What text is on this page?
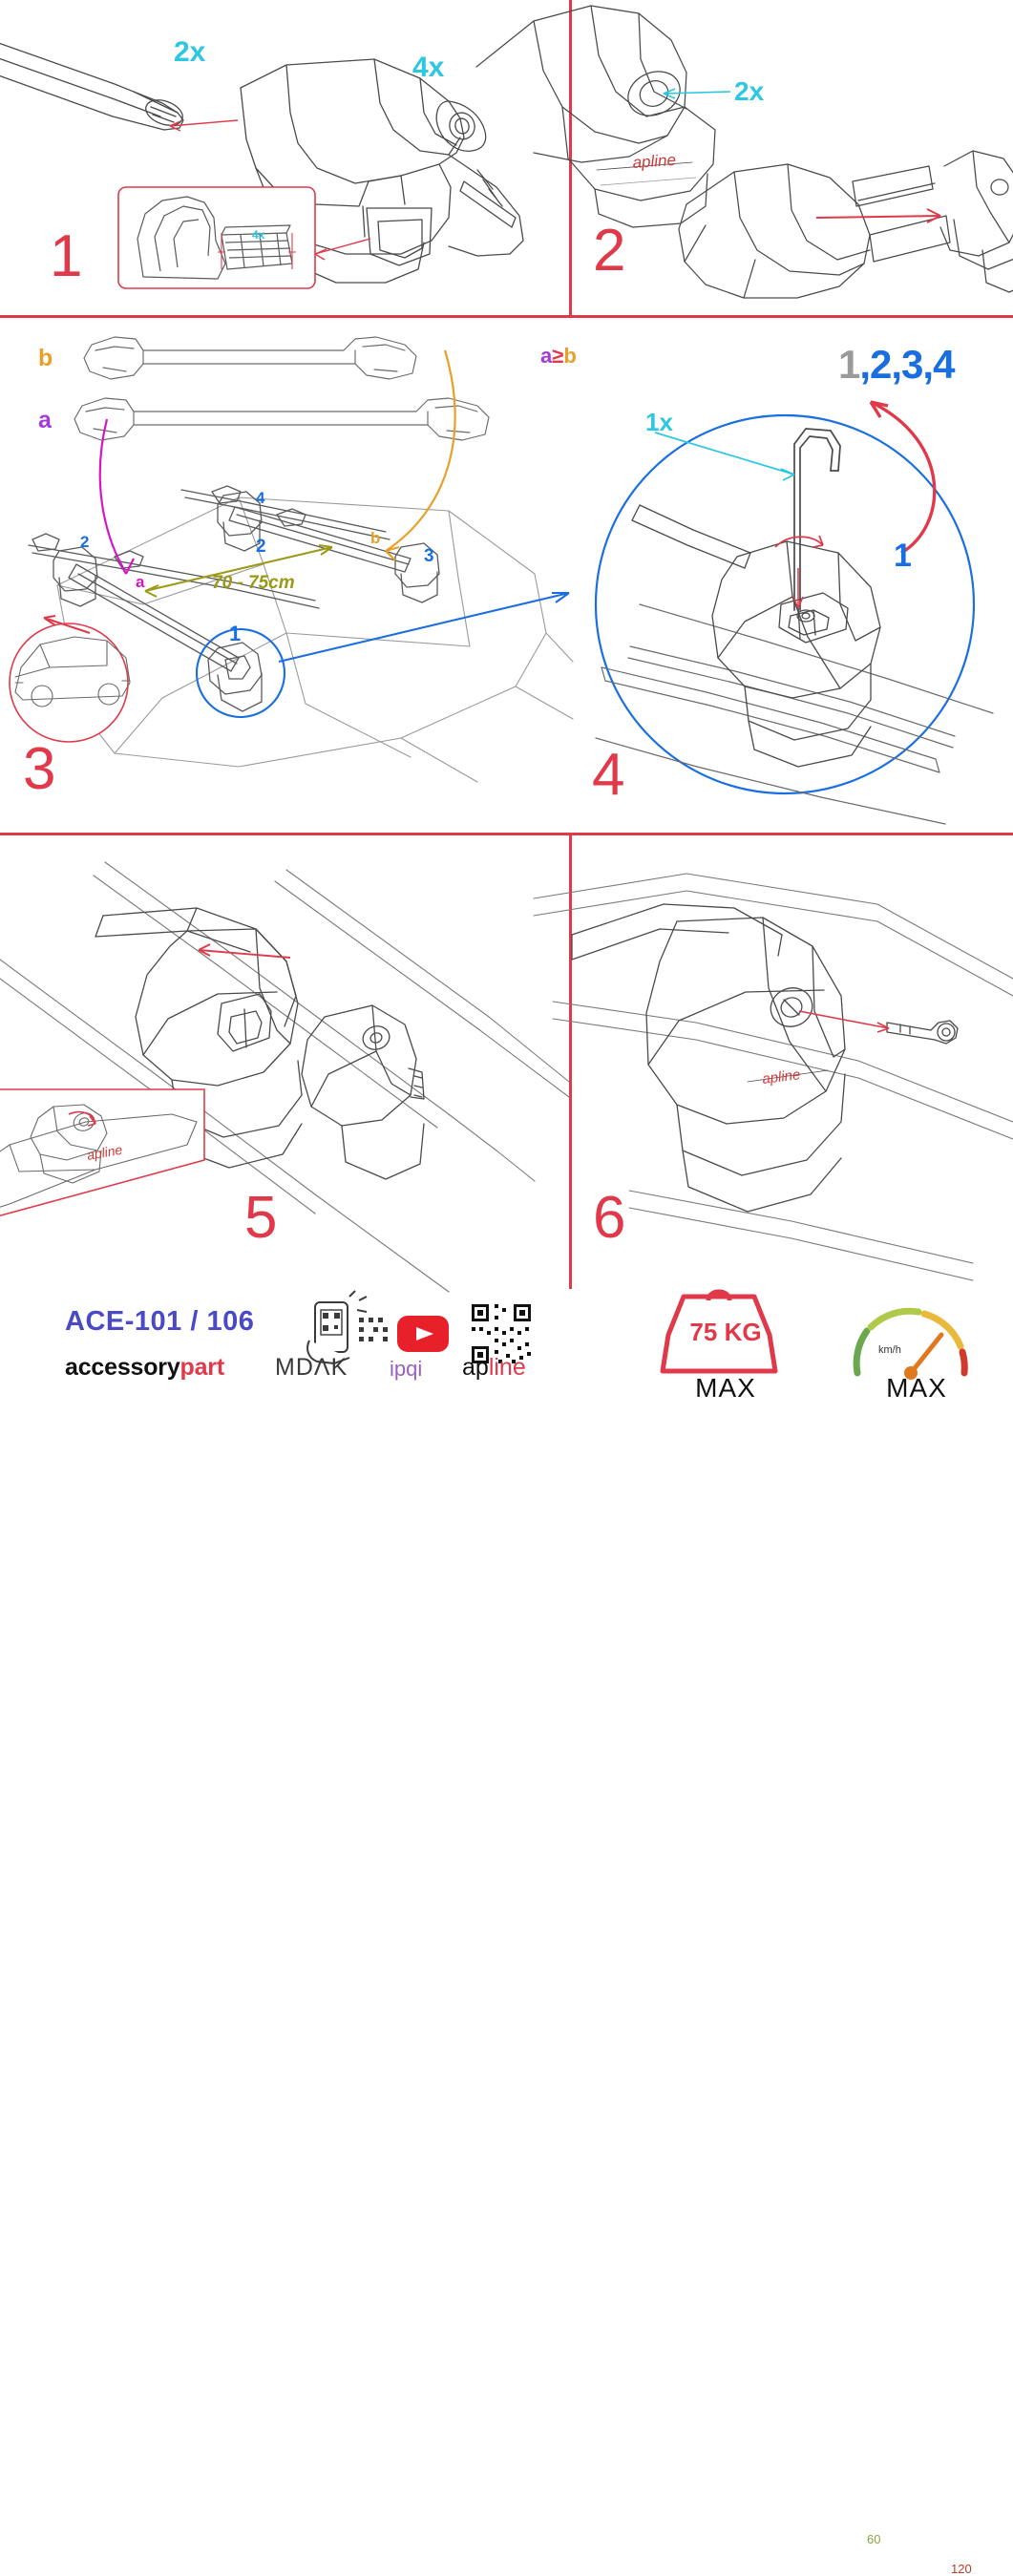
4x
2x	4x
1
apline
2x
2
1
b
a
a
b
70 - 75cm
2
2
4
3
3
a≥b
1x
1,2,3,4
1
4
apline
5
apline
6
60
120
ACE-101 / 106
accessorypart MDΛK ipqi apline
75 KG
MAX	MAX
km/h
